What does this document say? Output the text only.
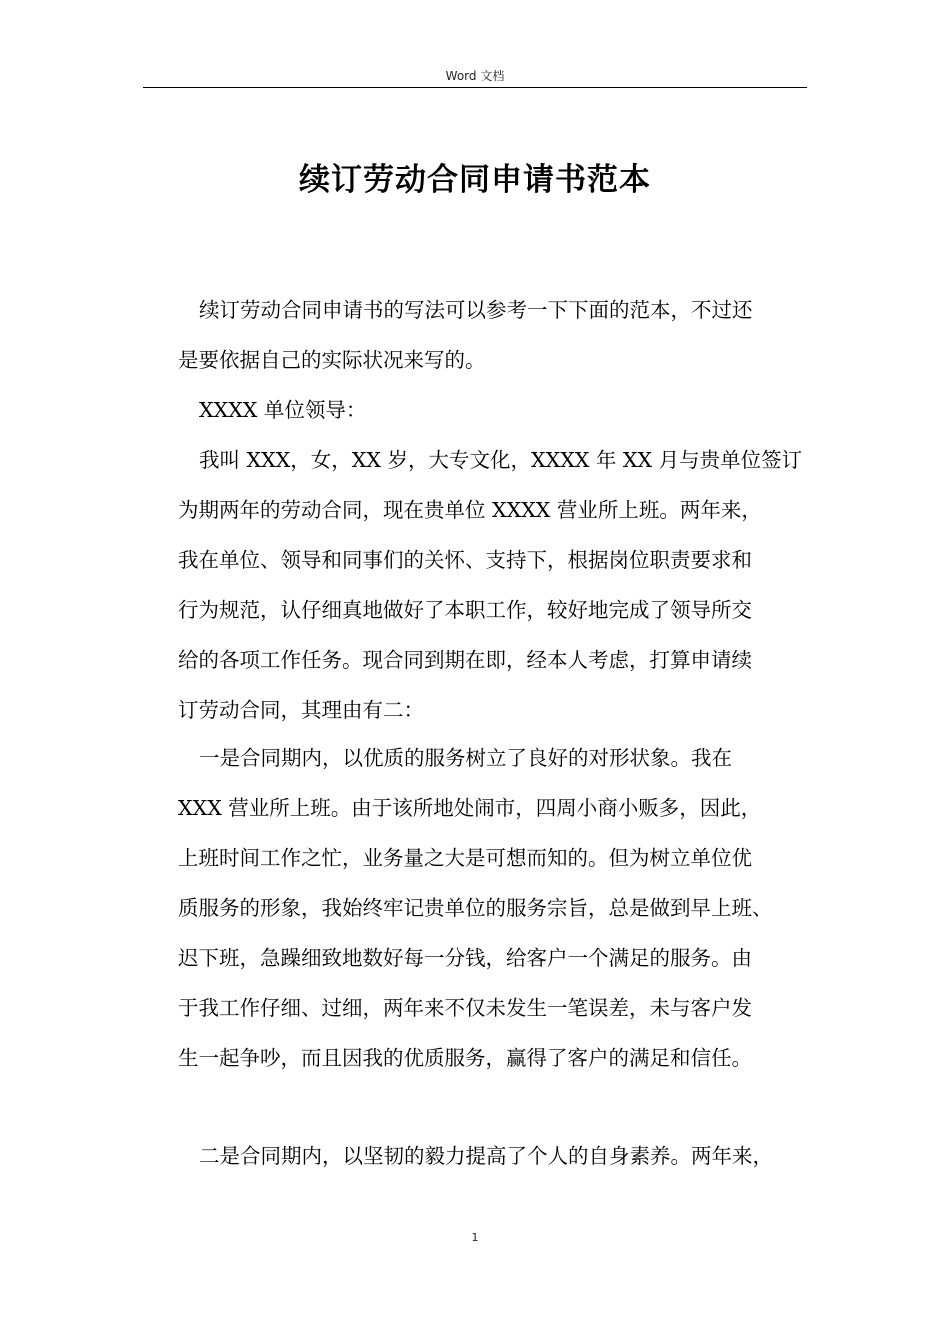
Word 文档
续订劳动合同申请书范本
续订劳动合同申请书的写法可以参考一下下面的范本，不过还
是要依据自己的实际状况来写的。
XXXX 单位领导：
我叫 XXX，女，XX 岁，大专文化，XXXX 年 XX 月与贵单位签订
为期两年的劳动合同，现在贵单位 XXXX 营业所上班。两年来，
我在单位、领导和同事们的关怀、支持下，根据岗位职责要求和
行为规范，认仔细真地做好了本职工作，较好地完成了领导所交
给的各项工作任务。现合同到期在即，经本人考虑，打算申请续
订劳动合同，其理由有二：
一是合同期内，以优质的服务树立了良好的对形状象。我在
XXX 营业所上班。由于该所地处闹市，四周小商小贩多，因此，
上班时间工作之忙，业务量之大是可想而知的。但为树立单位优
质服务的形象，我始终牢记贵单位的服务宗旨，总是做到早上班、
迟下班，急躁细致地数好每一分钱，给客户一个满足的服务。由
于我工作仔细、过细，两年来不仅未发生一笔误差，未与客户发
生一起争吵，而且因我的优质服务，赢得了客户的满足和信任。
二是合同期内，以坚韧的毅力提高了个人的自身素养。两年来，
1
